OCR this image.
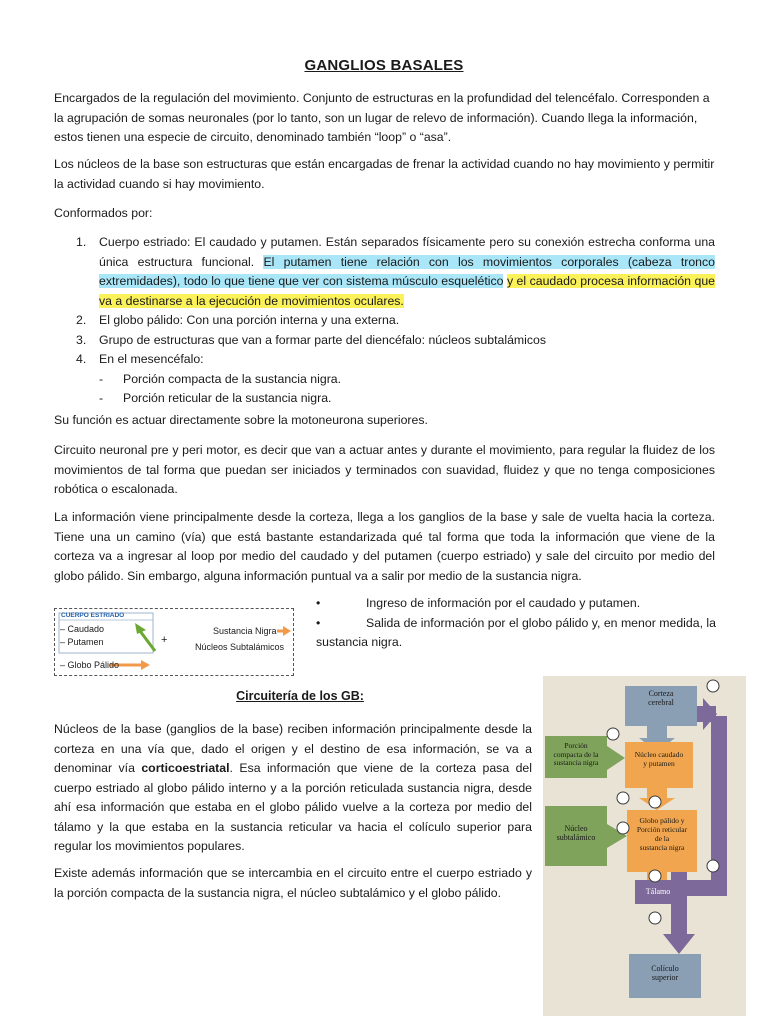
GANGLIOS BASALES

Encargados de la regulación del movimiento. Conjunto de estructuras en la profundidad del telencéfalo. Corresponden a la agrupación de somas neuronales (por lo tanto, son un lugar de relevo de información). Cuando llega la información, estos tienen una especie de circuito, denominado también “loop” o “asa”.

Los núcleos de la base son estructuras que están encargadas de frenar la actividad cuando no hay movimiento y permitir la actividad cuando si hay movimiento.

Conformados por:

1. Cuerpo estriado: El caudado y putamen. Están separados físicamente pero su conexión estrecha conforma una única estructura funcional. El putamen tiene relación con los movimientos corporales (cabeza tronco extremidades), todo lo que tiene que ver con sistema músculo esquelético y el caudado procesa información que va a destinarse a la ejecución de movimientos oculares.
2. El globo pálido: Con una porción interna y una externa.
3. Grupo de estructuras que van a formar parte del diencéfalo: núcleos subtalámicos
4. En el mesencéfalo:
- Porción compacta de la sustancia nigra.
- Porción reticular de la sustancia nigra.

Su función es actuar directamente sobre la motoneurona superiores.

Circuito neuronal pre y peri motor, es decir que van a actuar antes y durante el movimiento, para regular la fluidez de los movimientos de tal forma que puedan ser iniciados y terminados con suavidad, fluidez y que no tenga composiciones robótica o escalonada.

La información viene principalmente desde la corteza, llega a los ganglios de la base y sale de vuelta hacia la corteza. Tiene una un camino (vía) que está bastante estandarizada qué tal forma que toda la información que viene de la corteza va a ingresar al loop por medio del caudado y del putamen (cuerpo estriado) y sale del circuito por medio del globo pálido. Sin embargo, alguna información puntual va a salir por medio de la sustancia nigra.

CUERPO ESTRIADO
– Caudado
– Putamen
– Globo Pálido
+
Sustancia Nigra
Núcleos Subtalámicos
•	Ingreso de información por el caudado y putamen.
•	Salida de información por el globo pálido y, en menor medida, la sustancia nigra.
Circuitería de los GB:

Núcleos de la base (ganglios de la base) reciben información principalmente desde la corteza en una vía que, dado el origen y el destino de esa información, se va a denominar vía corticoestriatal. Esa información que viene de la corteza pasa del cuerpo estriado al globo pálido interno y a la porción reticulada sustancia nigra, desde ahí esa información que estaba en el globo pálido vuelve a la corteza por medio del tálamo y la que estaba en la sustancia reticular va hacia el colículo superior para regular los movimientos populares.

Existe además información que se intercambia en el circuito entre el cuerpo estriado y la porción compacta de la sustancia nigra, el núcleo subtalámico y el globo pálido.

Corteza
cerebral
Porción
compacta de la
sustancia nigra
Núcleo caudado
y putamen
Núcleo
subtalámico
Globo pálido y
Porción reticular
de la
sustancia nigra
Tálamo
Colículo
superior
